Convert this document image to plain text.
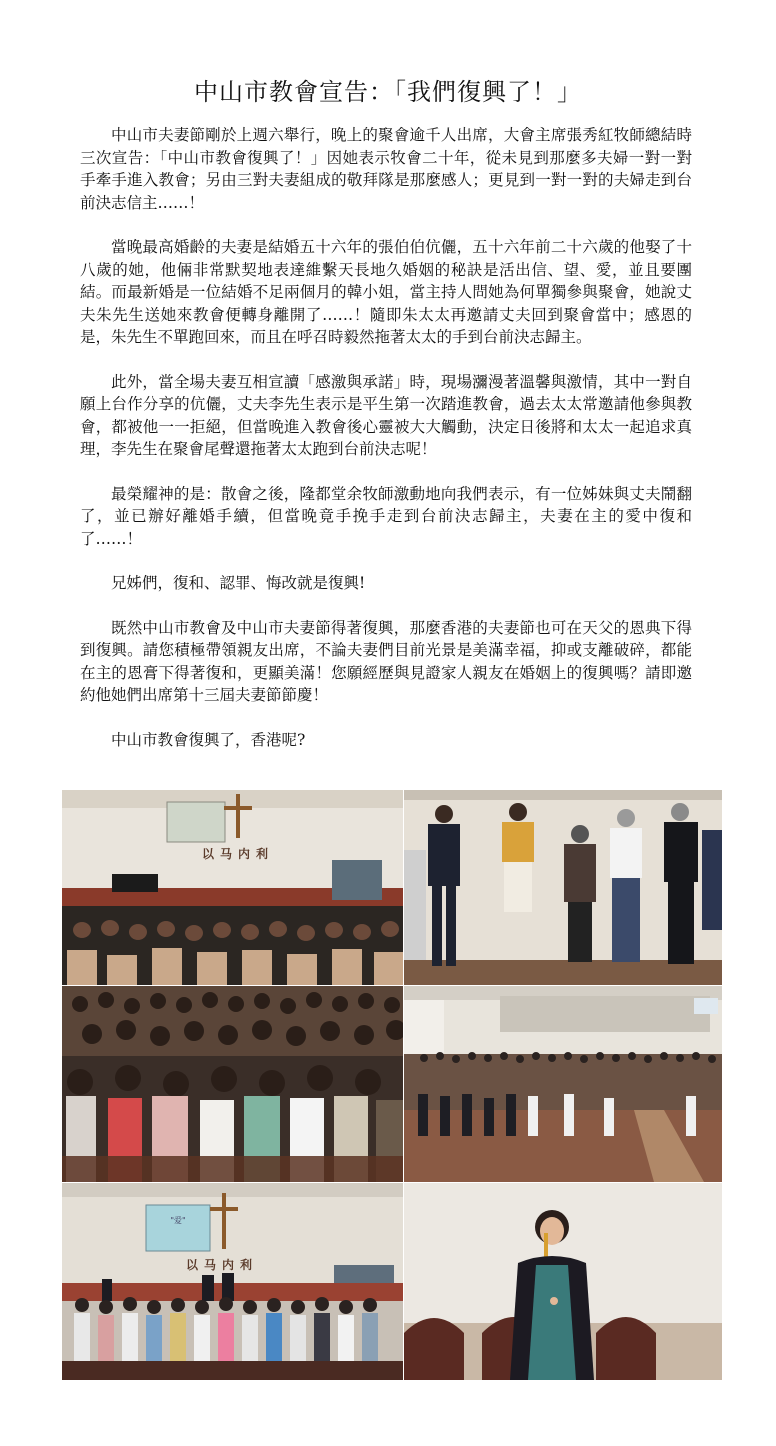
中山市教會宣告：「我們復興了！」

中山市夫妻節剛於上週六舉行，晚上的聚會逾千人出席，大會主席張秀紅牧師總結時三次宣告：「中山市教會復興了！」因她表示牧會二十年，從未見到那麼多夫婦一對一對手牽手進入教會；另由三對夫妻組成的敬拜隊是那麼感人；更見到一對一對的夫婦走到台前決志信主……！

當晚最高婚齡的夫妻是結婚五十六年的張伯伯伉儷，五十六年前二十六歲的他娶了十八歲的她，他倆非常默契地表達維繫天長地久婚姻的秘訣是活出信、望、愛，並且要團結。而最新婚是一位結婚不足兩個月的韓小姐，當主持人問她為何單獨參與聚會，她說丈夫朱先生送她來教會便轉身離開了……！隨即朱太太再邀請丈夫回到聚會當中；感恩的是，朱先生不單跑回來，而且在呼召時毅然拖著太太的手到台前決志歸主。

此外，當全場夫妻互相宣讀「感激與承諾」時，現場瀰漫著溫馨與激情，其中一對自願上台作分享的伉儷，丈夫李先生表示是平生第一次踏進教會，過去太太常邀請他參與教會，都被他一一拒絕，但當晚進入教會後心靈被大大觸動，決定日後將和太太一起追求真理，李先生在聚會尾聲還拖著太太跑到台前決志呢！

最榮耀神的是：散會之後，隆都堂余牧師激動地向我們表示，有一位姊妹與丈夫鬧翻了，並已辦好離婚手續，但當晚竟手挽手走到台前決志歸主，夫妻在主的愛中復和了……！

兄姊們，復和、認罪、悔改就是復興!

既然中山市教會及中山市夫妻節得著復興，那麼香港的夫妻節也可在天父的恩典下得到復興。請您積極帶領親友出席，不論夫妻們目前光景是美滿幸福，抑或支離破碎，都能在主的恩膏下得著復和，更顯美滿！您願經歷與見證家人親友在婚姻上的復興嗎？請即邀約他她們出席第十三屆夫妻節節慶！

中山市教會復興了，香港呢?

以马内利
"爱"
以马内利
